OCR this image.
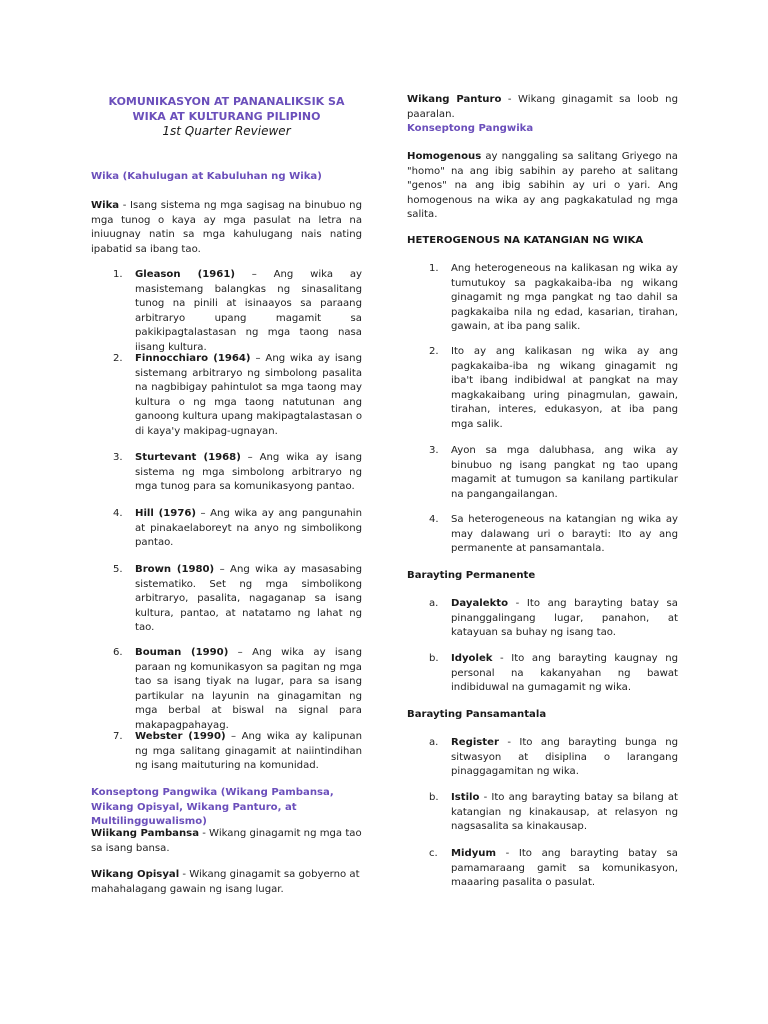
KOMUNIKASYON AT PANANALIKSIK SA WIKA AT KULTURANG PILIPINO
1st Quarter Reviewer
Wika (Kahulugan at Kabuluhan ng Wika)

Wika - Isang sistema ng mga sagisag na binubuo ng mga tunog o kaya ay mga pasulat na letra na iniuugnay natin sa mga kahulugang nais nating ipabatid sa ibang tao.

1. Gleason (1961) – Ang wika ay masistemang balangkas ng sinasalitang tunog na pinili at isinaayos sa paraang arbitraryo upang magamit sa pakikipagtalastasan ng mga taong nasa iisang kultura.

2. Finnocchiaro (1964) – Ang wika ay isang sistemang arbitraryo ng simbolong pasalita na nagbibigay pahintulot sa mga taong may kultura o ng mga taong natutunan ang ganoong kultura upang makipagtalastasan o di kaya'y makipag-ugnayan.

3. Sturtevant (1968) – Ang wika ay isang sistema ng mga simbolong arbitraryo ng mga tunog para sa komunikasyong pantao.

4. Hill (1976) – Ang wika ay ang pangunahin at pinakaelaboreyt na anyo ng simbolikong pantao.

5. Brown (1980) – Ang wika ay masasabing sistematiko. Set ng mga simbolikong arbitraryo, pasalita, nagaganap sa isang kultura, pantao, at natatamo ng lahat ng tao.

6. Bouman (1990) – Ang wika ay isang paraan ng komunikasyon sa pagitan ng mga tao sa isang tiyak na lugar, para sa isang partikular na layunin na ginagamitan ng mga berbal at biswal na signal para makapagpahayag.

7. Webster (1990) – Ang wika ay kalipunan ng mga salitang ginagamit at naiintindihan ng isang maituturing na komunidad.

Konseptong Pangwika (Wikang Pambansa, Wikang Opisyal, Wikang Panturo, at Multilingguwalismo)

Wiikang Pambansa - Wikang ginagamit ng mga tao sa isang bansa.

Wikang Opisyal - Wikang ginagamit sa gobyerno at mahahalagang gawain ng isang lugar.

Wikang Panturo - Wikang ginagamit sa loob ng paaralan.

Konseptong Pangwika

Homogenous ay nanggaling sa salitang Griyego na "homo" na ang ibig sabihin ay pareho at salitang "genos" na ang ibig sabihin ay uri o yari. Ang homogenous na wika ay ang pagkakatulad ng mga salita.

HETEROGENOUS NA KATANGIAN NG WIKA
1. Ang heterogeneous na kalikasan ng wika ay tumutukoy sa pagkakaiba-iba ng wikang ginagamit ng mga pangkat ng tao dahil sa pagkakaiba nila ng edad, kasarian, tirahan, gawain, at iba pang salik.

2. Ito ay ang kalikasan ng wika ay ang pagkakaiba-iba ng wikang ginagamit ng iba't ibang indibidwal at pangkat na may magkakaibang uring pinagmulan, gawain, tirahan, interes, edukasyon, at iba pang mga salik.

3. Ayon sa mga dalubhasa, ang wika ay binubuo ng isang pangkat ng tao upang magamit at tumugon sa kanilang partikular na pangangailangan.

4. Sa heterogeneous na katangian ng wika ay may dalawang uri o barayti: Ito ay ang permanente at pansamantala.

Barayting Permanente
a. Dayalekto - Ito ang barayting batay sa pinanggalingang lugar, panahon, at katayuan sa buhay ng isang tao.

b. Idyolek - Ito ang barayting kaugnay ng personal na kakanyahan ng bawat indibiduwal na gumagamit ng wika.

Barayting Pansamantala
a. Register - Ito ang barayting bunga ng sitwasyon at disiplina o larangang pinaggagamitan ng wika.

b. Istilo - Ito ang barayting batay sa bilang at katangian ng kinakausap, at relasyon ng nagsasalita sa kinakausap.

c. Midyum - Ito ang barayting batay sa pamamaraang gamit sa komunikasyon, maaaring pasalita o pasulat.
